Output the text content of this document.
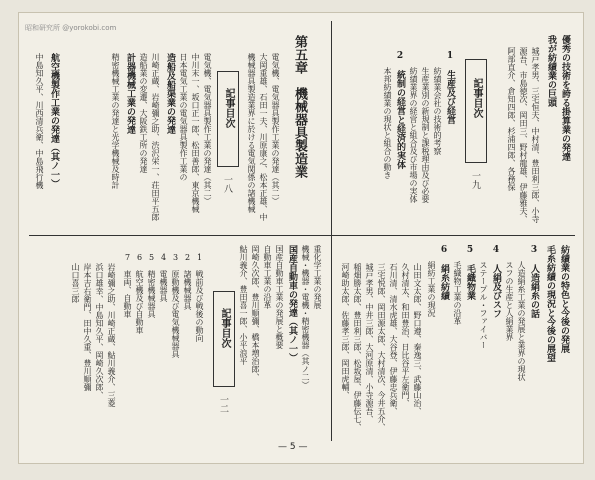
昭和研究所 @yorokobi.com
優秀の技術を誇る掛算業の発達
我が紡績業の巨頭
城戸孝男、三宅恒夫、中村清、豊田利三郎、小寺
源吾、市島徳次、岡田三、野村龍雄、伊藤雅夫、
阿部直介、倉知四郎、杉浦四郎、各務保
記事目次
一九
1　生産及び経営
　　紡績業会社の技術的考察
　　生産業別の新規制と課税理由及び必要
　　紡績業界の経営と組合及び市場の実体
2　統制の経営と経済的実体
　　本邦紡績業の現状と組合の動き
第五章　機械器具製造業
記事目次
一八	電気機、電気器具製作工業の発達（其二）
大岡重雄、石田一夫、川原康之、松本正雄、中
機械器具製造業界に於ける電気関係の諸機械
電気機、電気器具製作工業の発達（其二）
中川末一、坂口正一郎、松田善郎、東京機械
日本電気工業の電気器具製作工業の
造船及船渠業の発達
川崎正蔵、岩崎彌之助、渋沢栄一、荘田平五郎
造船業の変遷、大阪鉄工所の発達
計器機械工業の発達
精密機械工業の発達と光学機械及時計
航空機製作工業の発達（其ノ一）
中島知久平、川西清兵衛、中島飛行機
紡績業の特色と今後の発展
毛糸紡績の現況と今後の展望
3　人造絹糸の話
　　人造絹糸工業の発展と業界の現状
　　スフの生産と人絹業界
4　人絹及びスフ
　　ステープル・ファイバー
5　毛織物業
　　毛織物工業の沿革
6　絹糸紡績
　　絹紡工業の現況
山田文太郎、野口遵、秦逸三、武藤山治、
久村清太、和田豊治、日比谷平左衛門、
石川清、清水虎雄、大谷登、伊藤忠兵衛、
三宅悦郎、岡田源太郎、大村清次、今井五介、
城戸孝男、中井三郎、大河原清、小寺源吾、
稲畑勝太郎、豊田利三郎、松坂屋、伊藤伝七、
河崎助太郎、佐藤孝三郎、岡田虎輔、
重化学工業の発展
機械・機器・電機・精密機器（其ノ二）
国産自動車の発達（其ノ一）
国産自動車工業の発展と概要
自動車工業の沿革
岡崎久次郎、豊川順彌、橋本増治郎、
鮎川義介、豊田喜一郎、小平浪平
記事目次
一二
1　戦前及び戦後の動向
2　諸機械器具
3　原動機及び電気機械器具
4　電機器具
5　精密機械器具
6　航空機及び自動車
7　車両、自動車
岩崎彌之助、川崎正蔵、鮎川義介、三菱
浜口雄幸、中島知久平、岡崎久次郎、
岸本吉右衛門、田中久重、豊川順彌
山口喜三郎
— 5 —
